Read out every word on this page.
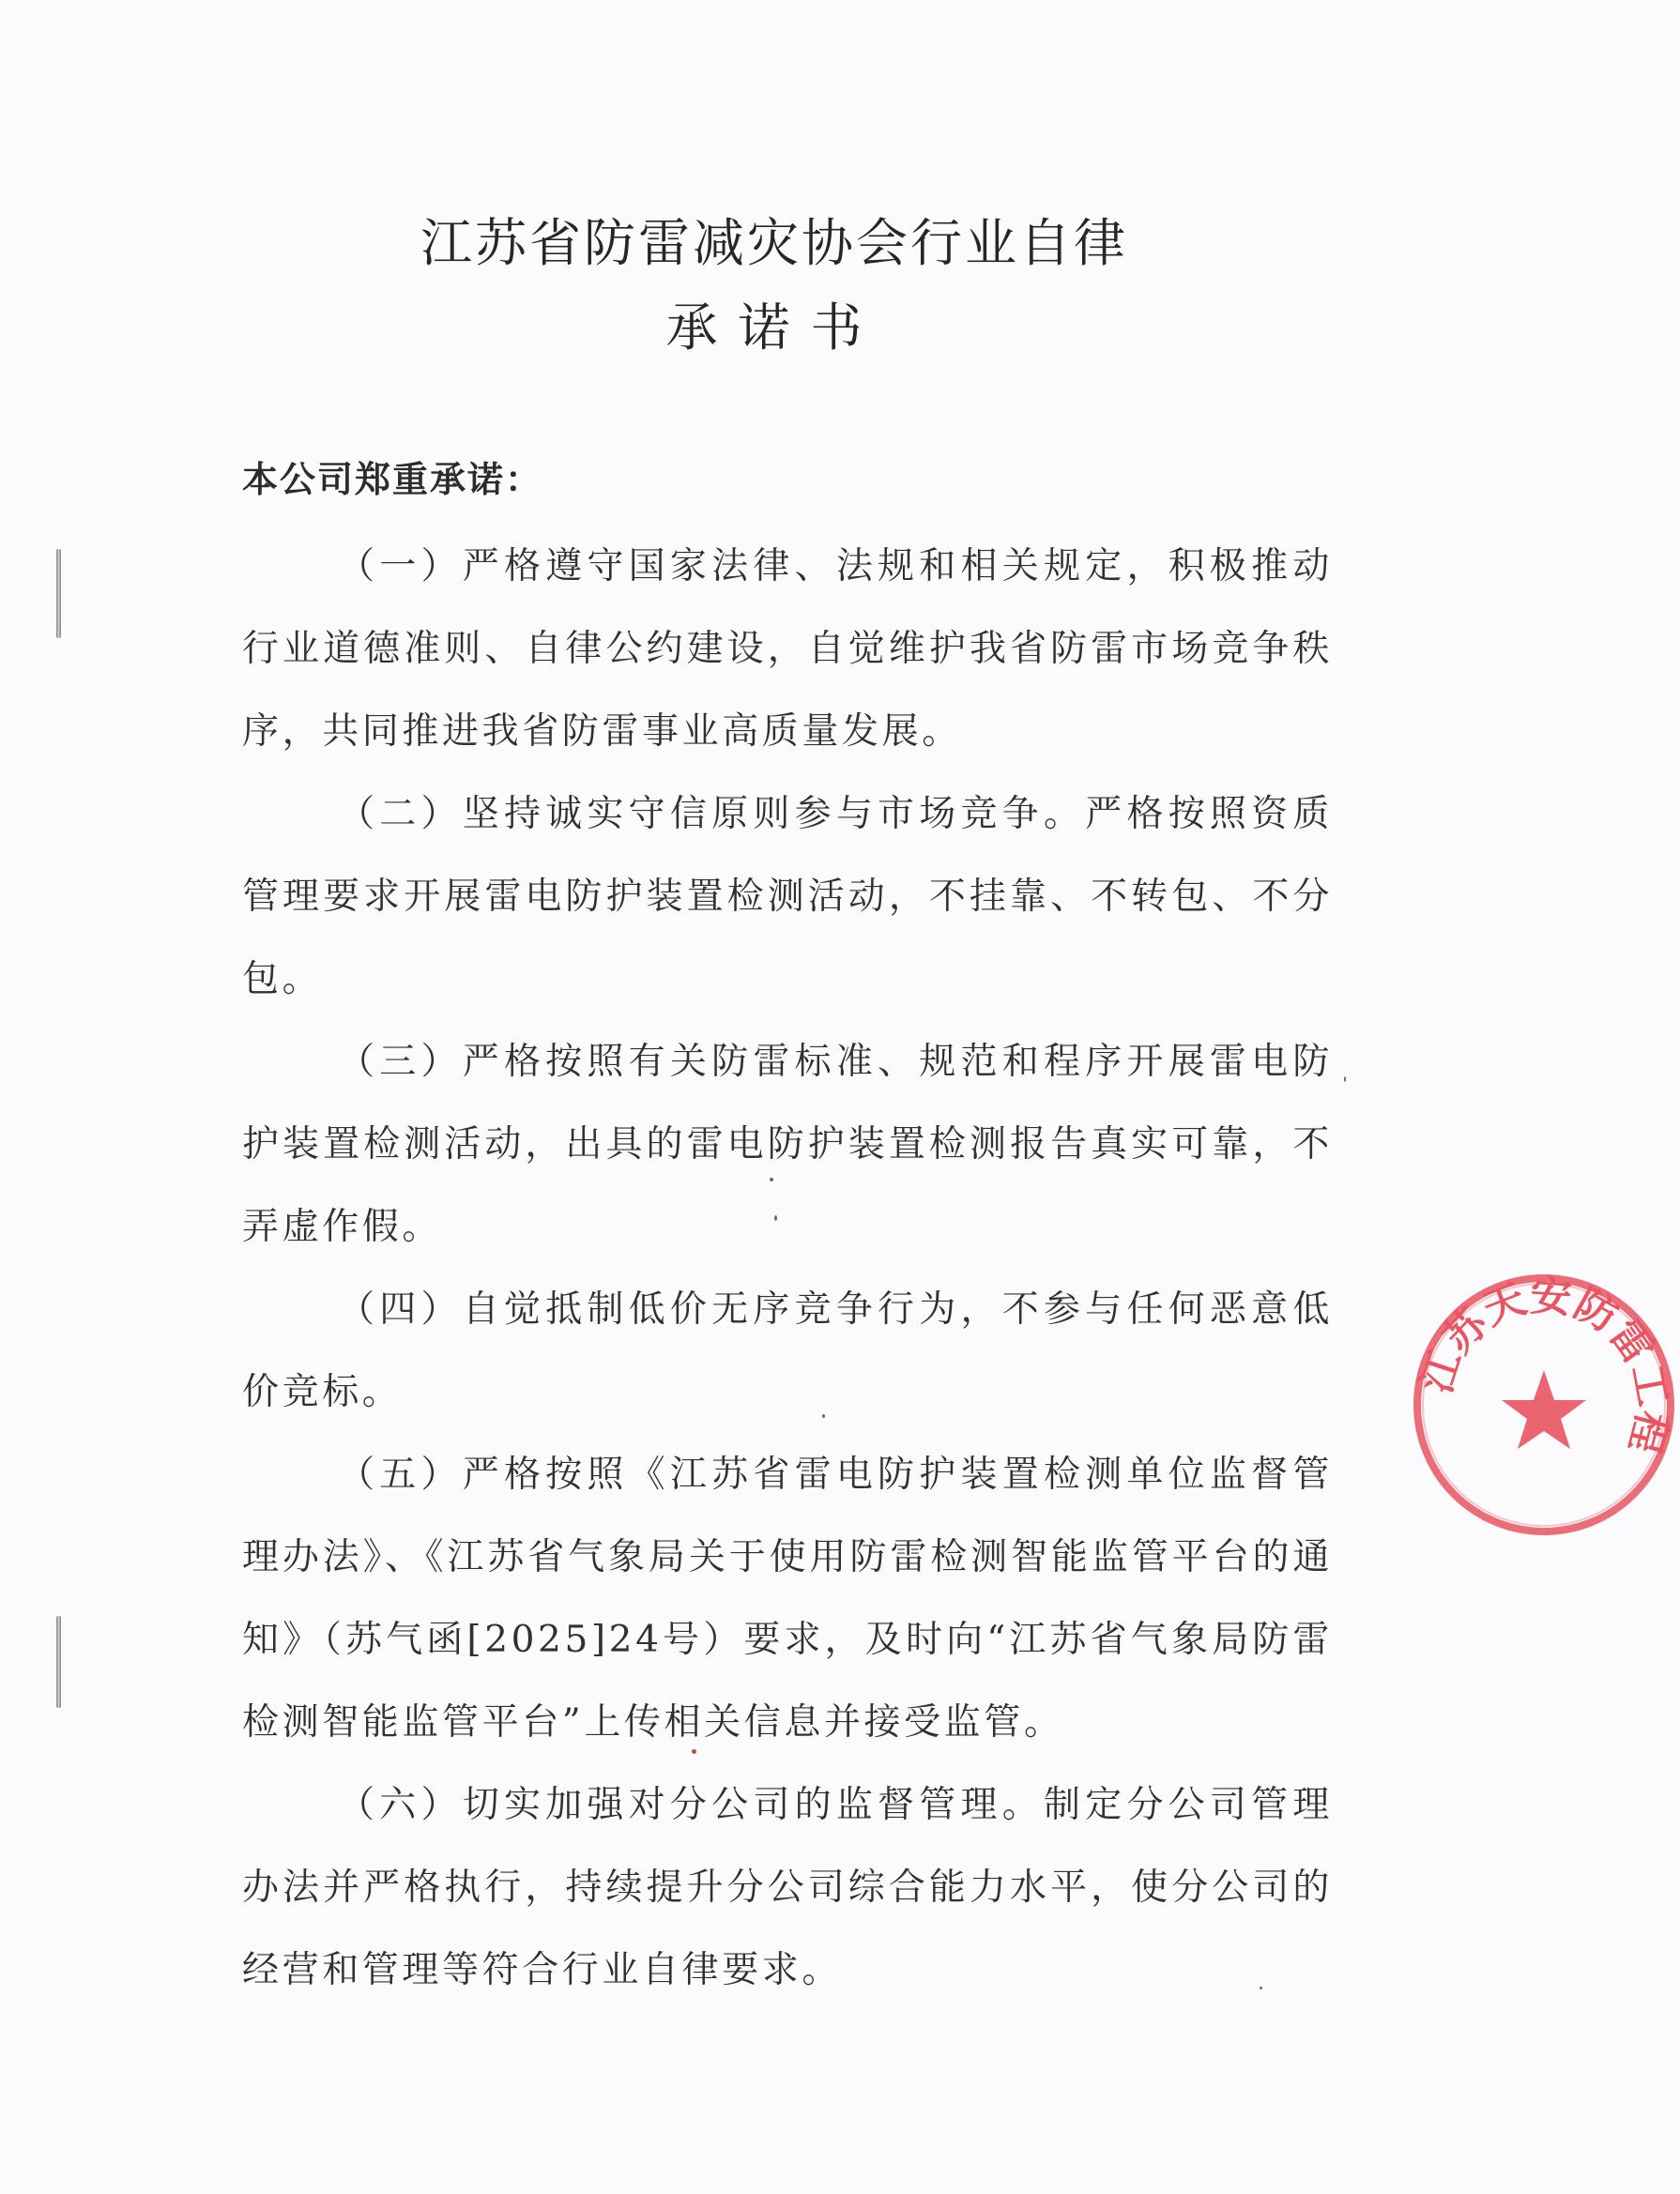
江苏省防雷减灾协会行业自律
承诺书
本公司郑重承诺：

（一）严格遵守国家法律、法规和相关规定，积极推动行业道德准则、自律公约建设，自觉维护我省防雷市场竞争秩序，共同推进我省防雷事业高质量发展。

（二）坚持诚实守信原则参与市场竞争。严格按照资质管理要求开展雷电防护装置检测活动，不挂靠、不转包、不分包。

（三）严格按照有关防雷标准、规范和程序开展雷电防护装置检测活动，出具的雷电防护装置检测报告真实可靠，不弄虚作假。

（四）自觉抵制低价无序竞争行为，不参与任何恶意低价竞标。

（五）严格按照《江苏省雷电防护装置检测单位监督管理办法》、《江苏省气象局关于使用防雷检测智能监管平台的通知》（苏气函[2025]24号）要求，及时向“江苏省气象局防雷检测智能监管平台”上传相关信息并接受监管。

（六）切实加强对分公司的监督管理。制定分公司管理办法并严格执行，持续提升分公司综合能力水平，使分公司的经营和管理等符合行业自律要求。

江苏天安防雷工程
